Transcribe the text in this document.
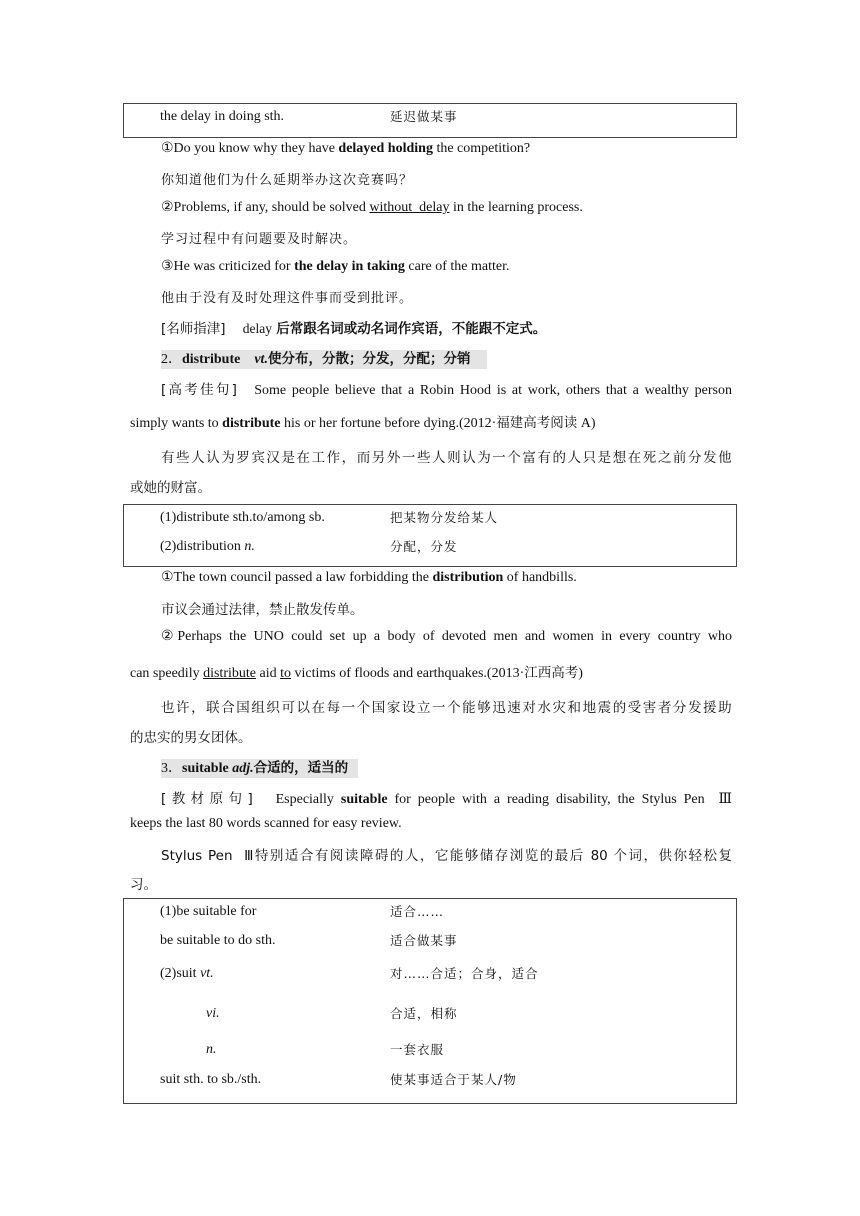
the delay in doing sth.	延迟做某事
①Do you know why they have delayed holding the competition?
你知道他们为什么延期举办这次竞赛吗？
②Problems, if any, should be solved without  delay in the learning process.
学习过程中有问题要及时解决。
③He was criticized for the delay in taking care of the matter.
他由于没有及时处理这件事而受到批评。
[名师指津] delay 后常跟名词或动名词作宾语，不能跟不定式。
2．distribute vt.使分布，分散；分发，分配；分销
[高考佳句] Some people believe that a Robin Hood is at work, others that a wealthy person
simply wants to distribute his or her fortune before dying.(2012·福建高考阅读 A)
有些人认为罗宾汉是在工作，而另外一些人则认为一个富有的人只是想在死之前分发他
或她的财富。
(1)distribute sth.to/among sb.	把某物分发给某人
(2)distribution n.	分配，分发
①The town council passed a law forbidding the distribution of handbills.
市议会通过法律，禁止散发传单。
②Perhaps the UNO could set up a body of devoted men and women in every country who
can speedily distribute aid to victims of floods and earthquakes.(2013·江西高考)
也许，联合国组织可以在每一个国家设立一个能够迅速对水灾和地震的受害者分发援助
的忠实的男女团体。
3．suitable adj.合适的，适当的
[教材原句] Especially suitable for people with a reading disability, the Stylus Pen  Ⅲ
keeps the last 80 words scanned for easy review.
Stylus Pen  Ⅲ特别适合有阅读障碍的人，它能够储存浏览的最后 80 个词，供你轻松复
习。
(1)be suitable for	适合……
be suitable to do sth.	适合做某事
(2)suit vt.	对……合适；合身，适合
vi.	合适，相称
n.	一套衣服
suit sth. to sb./sth.	使某事适合于某人/物
